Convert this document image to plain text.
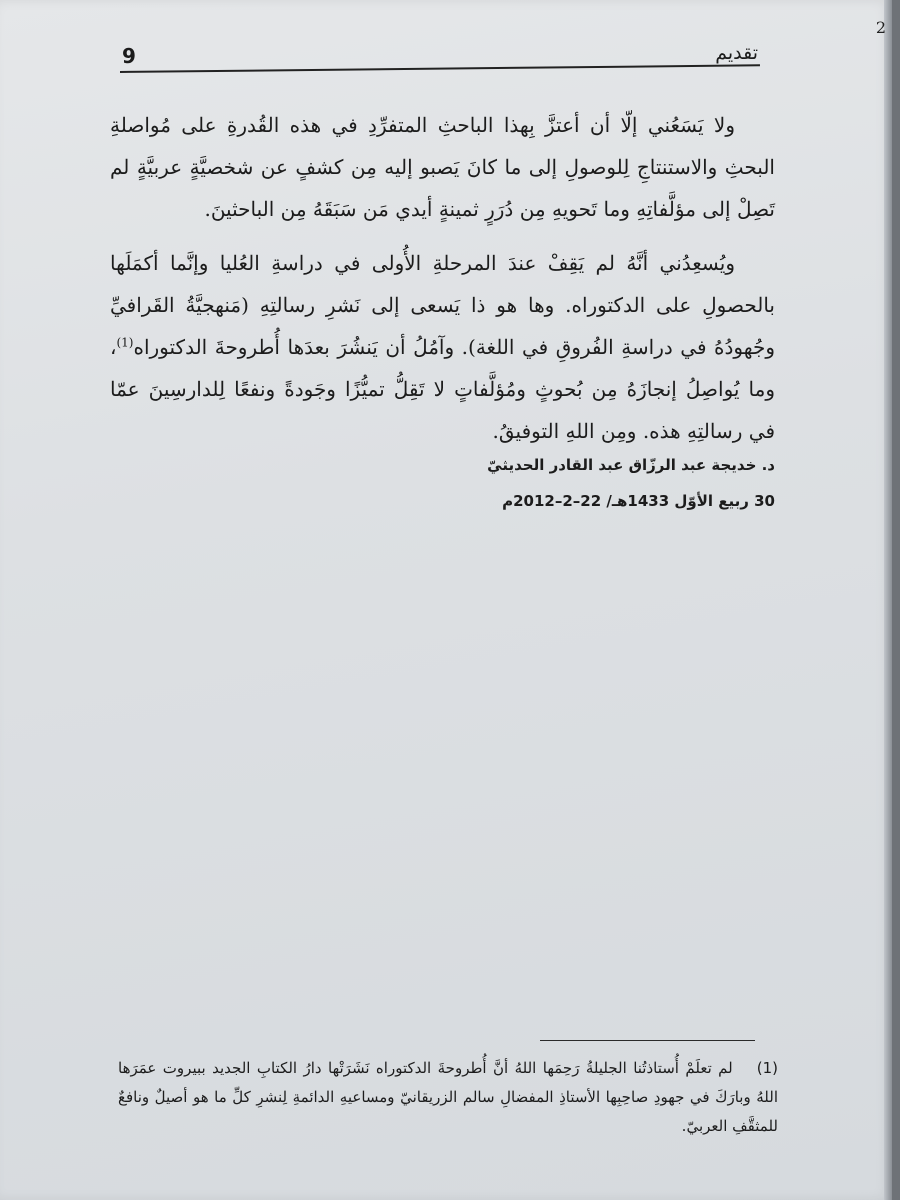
2
9	تقديم

ولا يَسَعُني إلّا أن أعتزَّ بِهذا الباحثِ المتفرِّدِ في هذه القُدرةِ على مُواصلةِ البحثِ والاستنتاجِ لِلوصولِ إلى ما كانَ يَصبو إليه مِن كشفٍ عن شخصيَّةٍ عربيَّةٍ لم تَصِلْ إلى مؤلَّفاتِهِ وما تَحويهِ مِن دُرَرٍ ثمينةٍ أيدي مَن سَبَقَهُ مِن الباحثينَ.

ويُسعِدُني أنَّهُ لم يَقِفْ عندَ المرحلةِ الأُولى في دراسةِ العُليا وإنَّما أكمَلَها بالحصولِ على الدكتوراه. وها هو ذا يَسعى إلى نَشرِ رسالتِهِ (مَنهجيَّةُ القَرافيِّ وجُهودُهُ في دراسةِ الفُروقِ في اللغة). وآمُلُ أن يَنشُرَ بعدَها أُطروحةَ الدكتوراه$^{(1)}$، وما يُواصِلُ إنجازَهُ مِن بُحوثٍ ومُؤلَّفاتٍ لا تَقِلُّ تميُّزًا وجَودةً ونفعًا لِلدارسِينَ عمّا في رسالتِهِ هذه. ومِن اللهِ التوفيقُ.

د. خديجة عبد الرزّاق عبد القادر الحديثيّ

30 ربيع الأوّل 1433هـ/ 22–2–2012م

(1)لم تعلَمْ أُستاذتُنا الجليلةُ رَحِمَها اللهُ أنَّ أُطروحةَ الدكتوراه نَشَرَتْها دارُ الكتابِ الجديد ببيروت عمَرَها اللهُ وبارَكَ في جهودِ صاحِبِها الأستاذِ المفضالِ سالم الزريقانيّ ومساعيهِ الدائمةِ لِنشرِ كلِّ ما هو أصيلٌ ونافعٌ للمثقَّفِ العربيّ.
